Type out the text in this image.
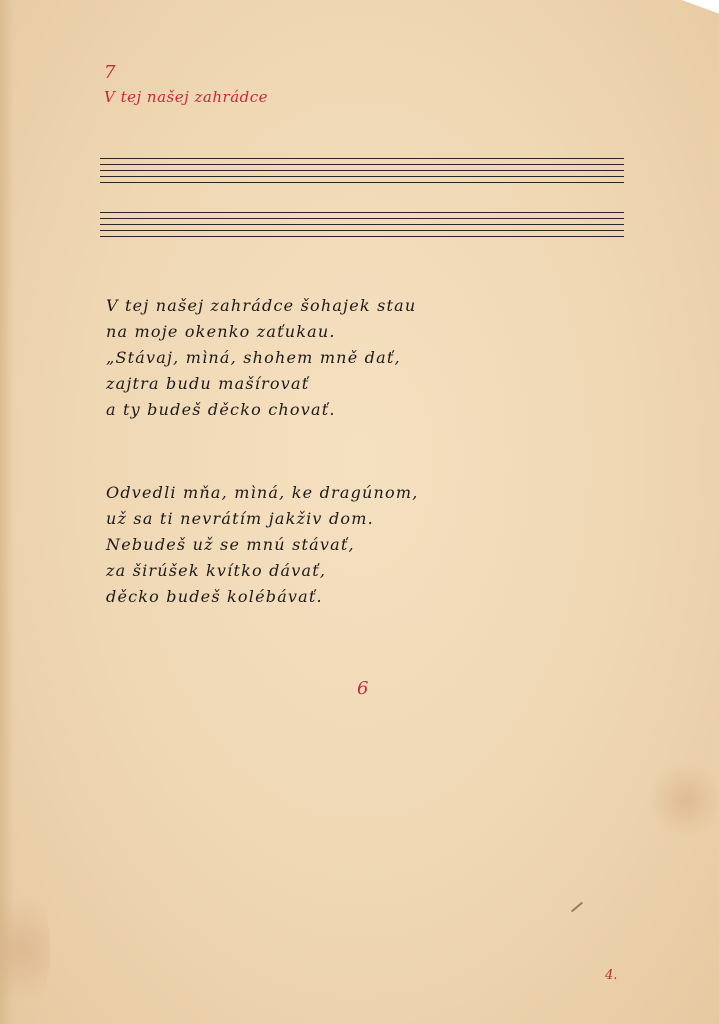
7
V tej našej zahrádce
V tej našej zahrádce šohajek stau
na moje okenko zaťukau.
„Stávaj, mìná, shohem mně dať,
zajtra budu mašírovať
a ty budeš děcko chovať.
Odvedli mňa, mìná, ke dragúnom,
už sa ti nevrátím jakživ dom.
Nebudeš už se mnú stávať,
za širúšek kvítko dávať,
děcko budeš kolébávať.
6
4.
